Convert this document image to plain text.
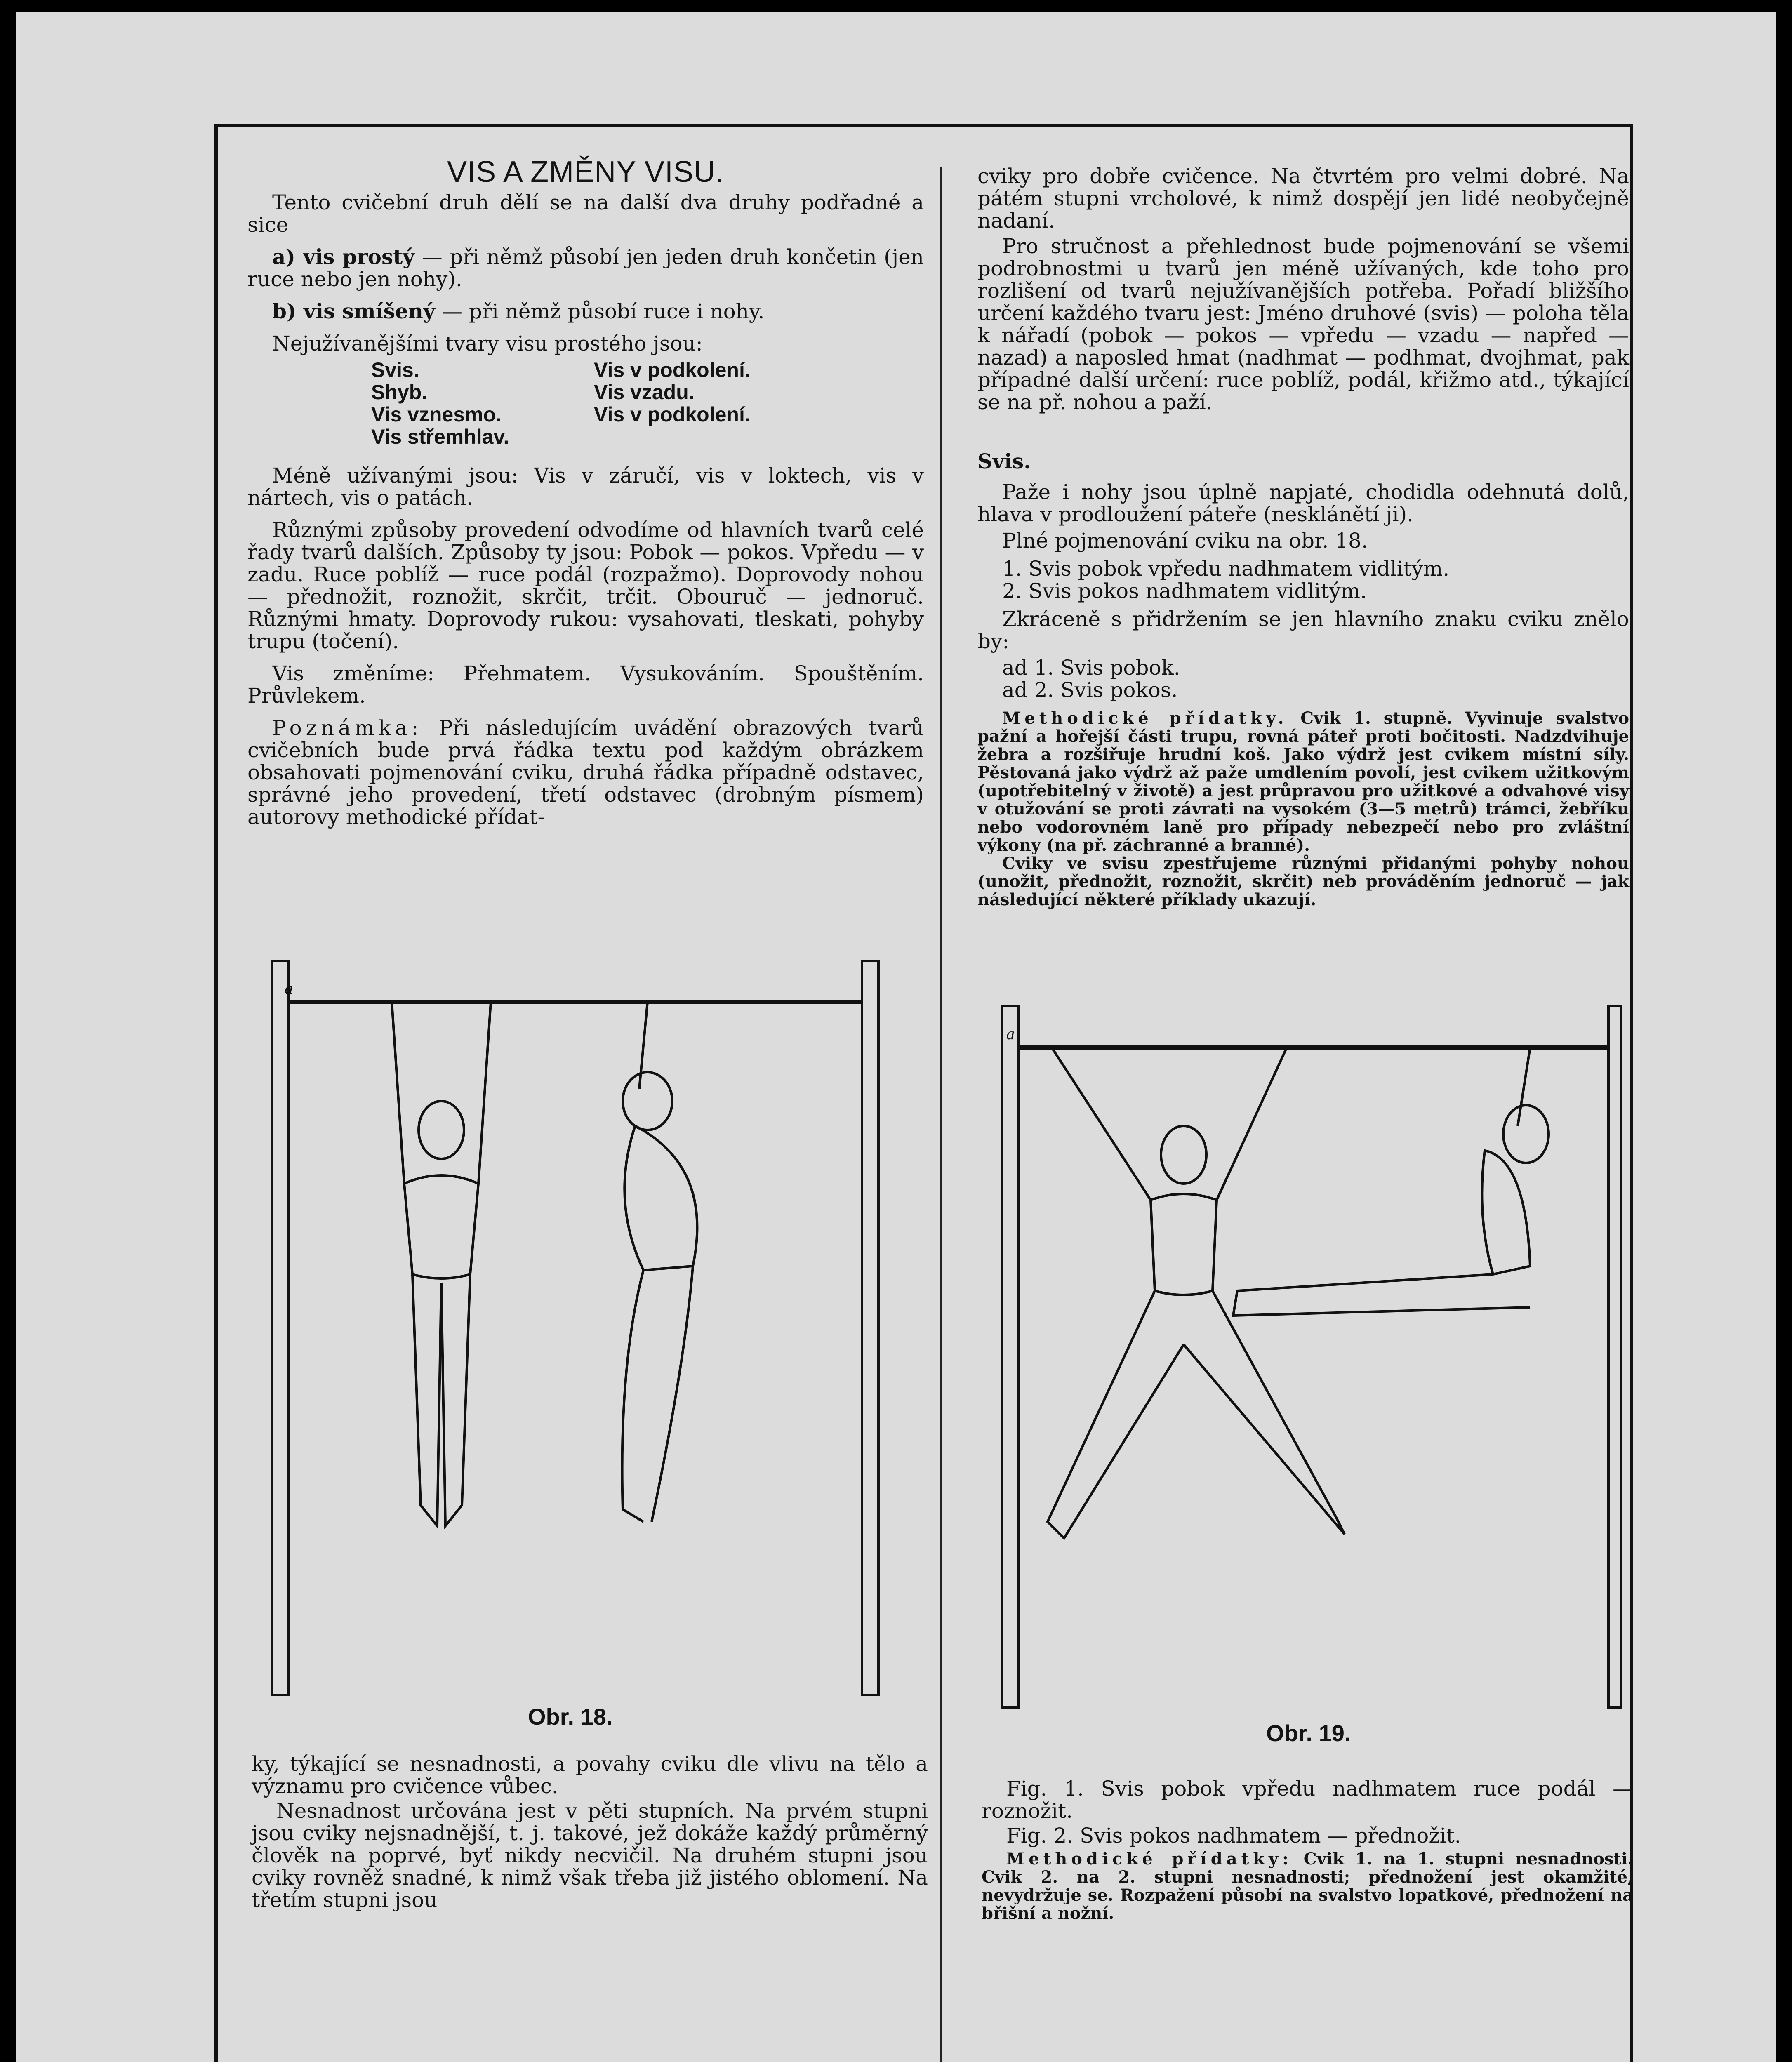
VIS A ZMĚNY VISU.

Tento cvičební druh dělí se na další dva druhy podřadné a sice

a) vis prostý — při němž působí jen jeden druh končetin (jen ruce nebo jen nohy).

b) vis smíšený — při němž působí ruce i nohy.

Nejužívanějšími tvary visu prostého jsou:

Svis.
Shyb.
Vis vznesmo.
Vis střemhlav.
Vis v podkolení.
Vis vzadu.
Vis v podkolení.

Méně užívanými jsou: Vis v záručí, vis v loktech, vis v nártech, vis o patách.

Různými způsoby provedení odvodíme od hlavních tvarů celé řady tvarů dalších. Způsoby ty jsou: Pobok — pokos. Vpředu — v zadu. Ruce poblíž — ruce podál (rozpažmo). Doprovody nohou — přednožit, roznožit, skrčit, trčit. Obouruč — jednoruč. Různými hmaty. Doprovody rukou: vysahovati, tleskati, pohyby trupu (točení).

Vis změníme: Přehmatem. Vysukováním. Spouštěním. Průvlekem.

Poznámka: Při následujícím uvádění obrazových tvarů cvičebních bude prvá řádka textu pod každým obrázkem obsahovati pojmenování cviku, druhá řádka případně odstavec, správné jeho provedení, třetí odstavec (drobným písmem) autorovy methodické přídat-

a
Obr. 18.

ky, týkající se nesnadnosti, a povahy cviku dle vlivu na tělo a významu pro cvičence vůbec.

Nesnadnost určována jest v pěti stupních. Na prvém stupni jsou cviky nejsnadnější, t. j. takové, jež dokáže každý průměrný člověk na poprvé, byť nikdy necvičil. Na druhém stupni jsou cviky rovněž snadné, k nimž však třeba již jistého oblomení. Na třetím stupni jsou

cviky pro dobře cvičence. Na čtvrtém pro velmi dobré. Na pátém stupni vrcholové, k nimž dospějí jen lidé neobyčejně nadaní.

Pro stručnost a přehlednost bude pojmenování se všemi podrobnostmi u tvarů jen méně užívaných, kde toho pro rozlišení od tvarů nejužívanějších potřeba. Pořadí bližšího určení každého tvaru jest: Jméno druhové (svis) — poloha těla k nářadí (pobok — pokos — vpředu — vzadu — napřed — nazad) a naposled hmat (nadhmat — podhmat, dvojhmat, pak případné další určení: ruce poblíž, podál, křižmo atd., týkající se na př. nohou a paží.

Svis.

Paže i nohy jsou úplně napjaté, chodidla odehnutá dolů, hlava v prodloužení páteře (nesklánětí ji).

Plné pojmenování cviku na obr. 18.

1. Svis pobok vpředu nadhmatem vidlitým.

2. Svis pokos nadhmatem vidlitým.

Zkráceně s přidržením se jen hlavního znaku cviku znělo by:

ad 1. Svis pobok.

ad 2. Svis pokos.

Methodické přídatky. Cvik 1. stupně. Vyvinuje svalstvo pažní a hořejší části trupu, rovná páteř proti bočitosti. Nadzdvihuje žebra a rozšiřuje hrudní koš. Jako výdrž jest cvikem místní síly. Pěstovaná jako výdrž až paže umdlením povolí, jest cvikem užitkovým (upotřebitelný v životě) a jest průpravou pro užitkové a odvahové visy v otužování se proti závrati na vysokém (3—5 metrů) trámci, žebříku nebo vodorovném laně pro případy nebezpečí nebo pro zvláštní výkony (na př. záchranné a branné).

Cviky ve svisu zpestřujeme různými přidanými pohyby nohou (unožit, přednožit, roznožit, skrčit) neb prováděním jednoruč — jak následující některé příklady ukazují.

a
Obr. 19.

Fig. 1. Svis pobok vpředu nadhmatem ruce podál — roznožit.

Fig. 2. Svis pokos nadhmatem — přednožit.

Methodické přídatky: Cvik 1. na 1. stupni nesnadnosti. Cvik 2. na 2. stupni nesnadnosti; přednožení jest okamžité, nevydržuje se. Rozpažení působí na svalstvo lopatkové, přednožení na břišní a nožní.
